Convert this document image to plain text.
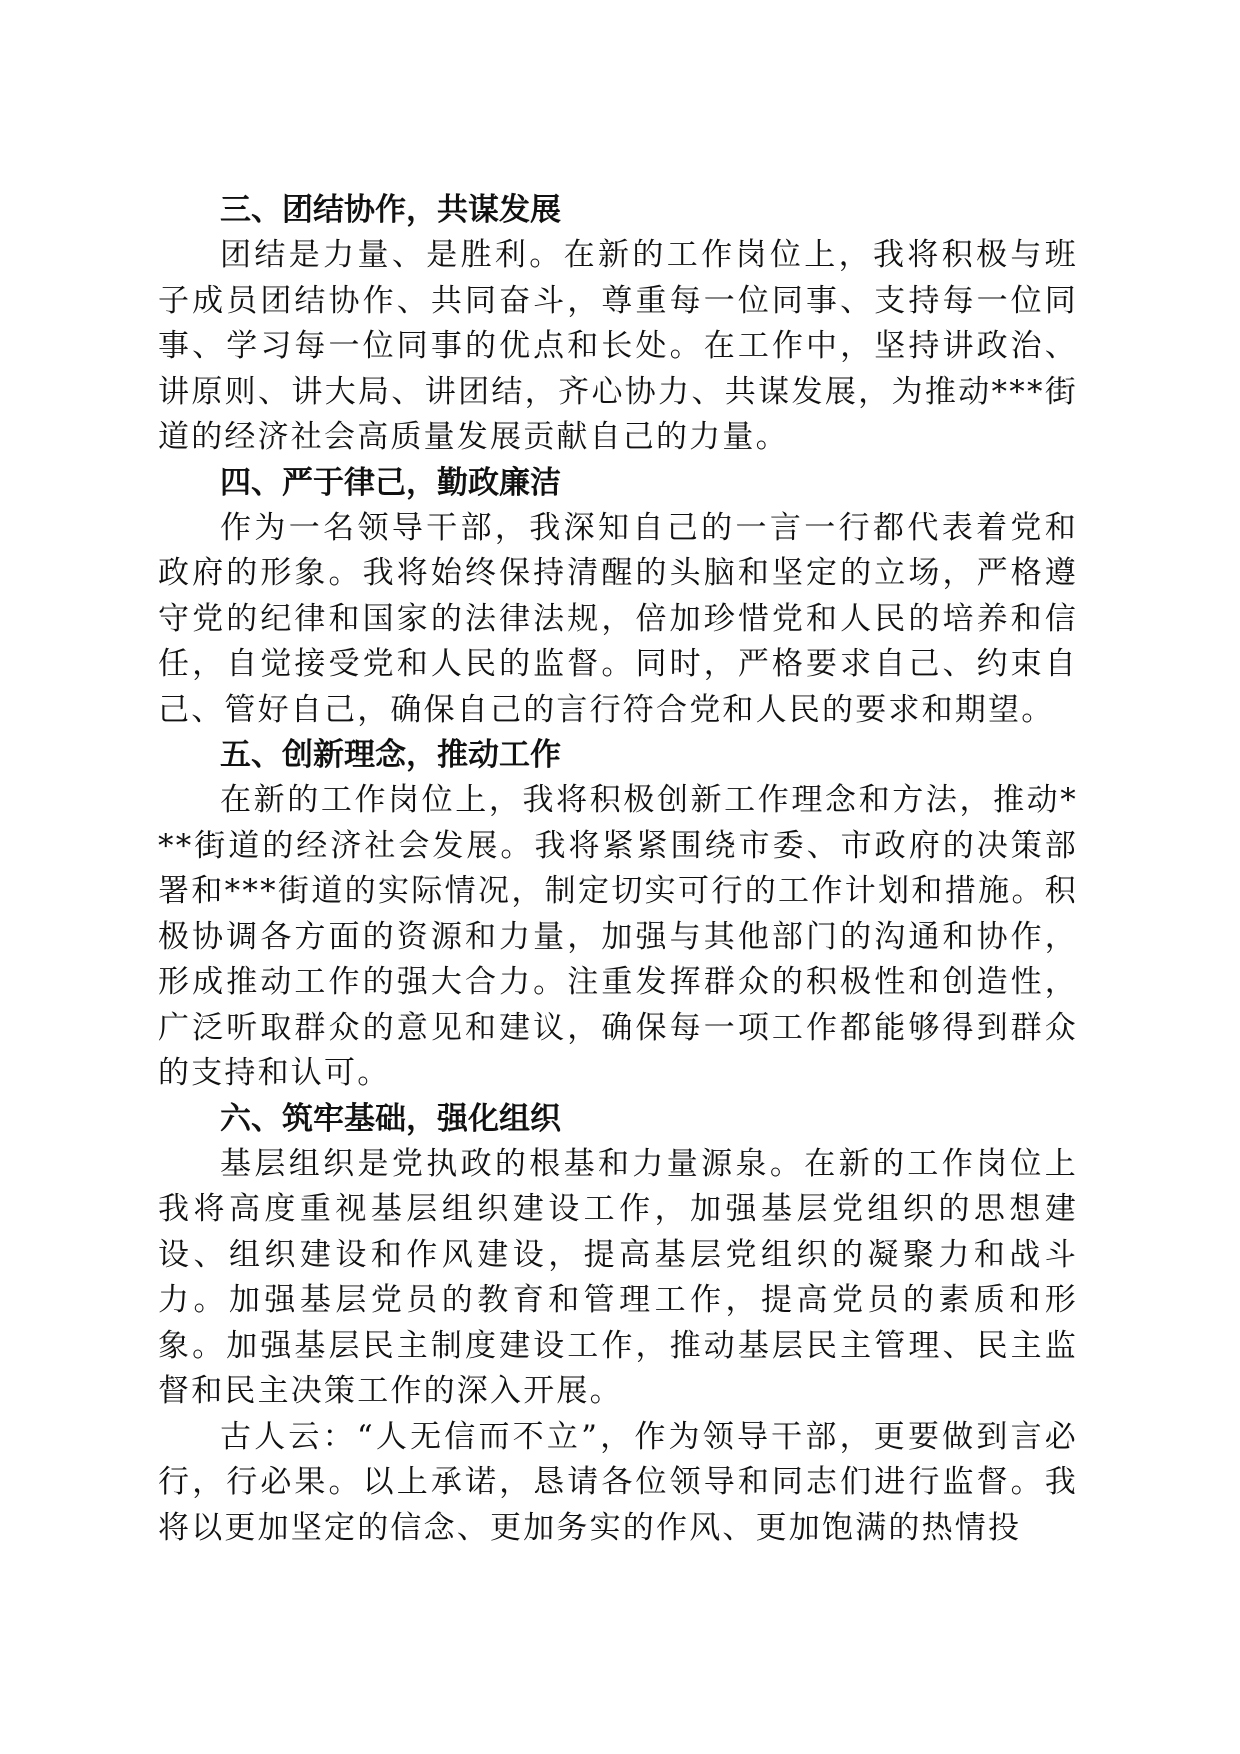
三、团结协作，共谋发展

团结是力量、是胜利。在新的工作岗位上，我将积极与班子成员团结协作、共同奋斗，尊重每一位同事、支持每一位同事、学习每一位同事的优点和长处。在工作中，坚持讲政治、讲原则、讲大局、讲团结，齐心协力、共谋发展，为推动***街道的经济社会高质量发展贡献自己的力量。

四、严于律己，勤政廉洁

作为一名领导干部，我深知自己的一言一行都代表着党和政府的形象。我将始终保持清醒的头脑和坚定的立场，严格遵守党的纪律和国家的法律法规，倍加珍惜党和人民的培养和信任，自觉接受党和人民的监督。同时，严格要求自己、约束自己、管好自己，确保自己的言行符合党和人民的要求和期望。

五、创新理念，推动工作

在新的工作岗位上，我将积极创新工作理念和方法，推动***街道的经济社会发展。我将紧紧围绕市委、市政府的决策部署和***街道的实际情况，制定切实可行的工作计划和措施。积极协调各方面的资源和力量，加强与其他部门的沟通和协作，形成推动工作的强大合力。注重发挥群众的积极性和创造性，广泛听取群众的意见和建议，确保每一项工作都能够得到群众的支持和认可。

六、筑牢基础，强化组织

基层组织是党执政的根基和力量源泉。在新的工作岗位上我将高度重视基层组织建设工作，加强基层党组织的思想建设、组织建设和作风建设，提高基层党组织的凝聚力和战斗力。加强基层党员的教育和管理工作，提高党员的素质和形象。加强基层民主制度建设工作，推动基层民主管理、民主监督和民主决策工作的深入开展。

古人云：“人无信而不立”，作为领导干部，更要做到言必行，行必果。以上承诺，恳请各位领导和同志们进行监督。我将以更加坚定的信念、更加务实的作风、更加饱满的热情投
